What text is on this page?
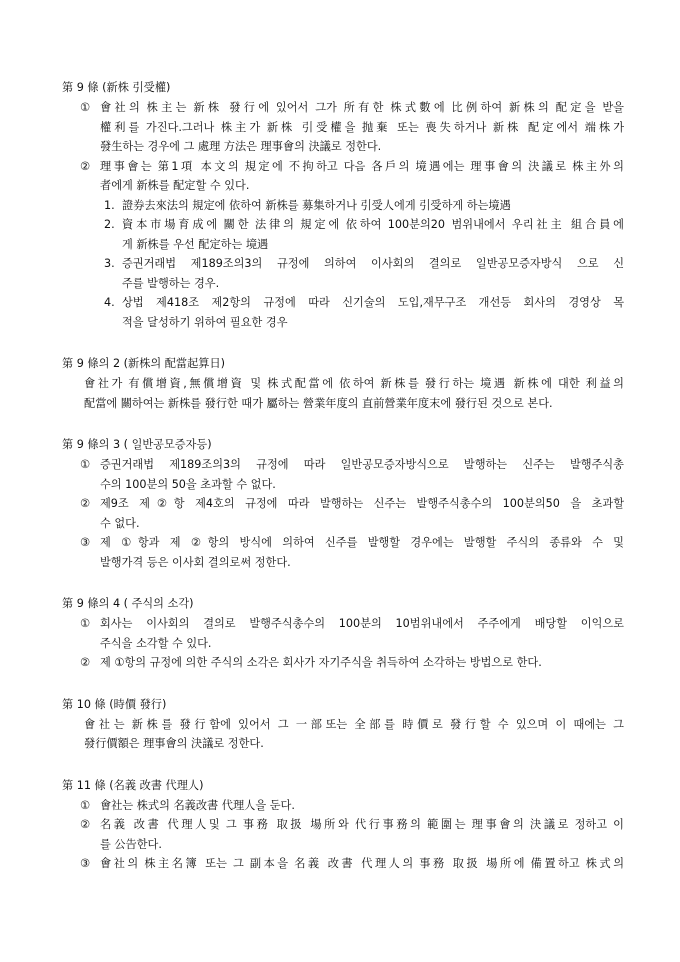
第 9 條 (新株 引受權)
① 會社의 株主는 新株 發行에 있어서 그가 所有한 株式數에 比例하여 新株의 配定을 받을
權利를 가진다.그러나 株主가 新株 引受權을 抛棄 또는 喪失하거나 新株 配定에서 端株가
發生하는 경우에 그 處理 方法은 理事會의 決議로 정한다.
② 理事會는 第1項 本文의 規定에 不拘하고 다음 各戶의 境遇에는 理事會의 決議로 株主外의
者에게 新株를 配定할 수 있다.
1. 證券去來法의 規定에 依하여 新株를 募集하거나 引受人에게 引受하게 하는境遇
2. 資本市場育成에 關한 法律의 規定에 依하여 100분의20 범위내에서 우리社主 組合員에
게 新株를 우선 配定하는 境遇
3. 증권거래법 제189조의3의 규정에 의하여 이사회의 결의로 일반공모증자방식 으로 신
주를 발행하는 경우.
4. 상법 제418조 제2항의 규정에 따라 신기술의 도입,재무구조 개선등 회사의 경영상 목
적을 달성하기 위하여 필요한 경우
第 9 條의 2 (新株의 配當起算日)
會社가 有償增資,無償增資 및 株式配當에 依하여 新株를 發行하는 境遇 新株에 대한 利益의
配當에 關하여는 新株를 發行한 때가 屬하는 營業年度의 直前營業年度末에 發行된 것으로 본다.
第 9 條의 3 ( 일반공모증자등)
① 증권거래법 제189조의3의 규정에 따라 일반공모증자방식으로 발행하는 신주는 발행주식총
수의 100분의 50을 초과할 수 없다.
② 제9조 제②항 제4호의 규정에 따라 발행하는 신주는 발행주식총수의 100분의50 을 초과할
수 없다.
③ 제 ①항과 제 ②항의 방식에 의하여 신주를 발행할 경우에는 발행할 주식의 종류와 수 및
발행가격 등은 이사회 결의로써 정한다.
第 9 條의 4 ( 주식의 소각)
① 회사는 이사회의 결의로 발행주식총수의 100분의 10범위내에서 주주에게 배당할 이익으로
주식을 소각할 수 있다.
② 제 ①항의 규정에 의한 주식의 소각은 회사가 자기주식을 취득하여 소각하는 방법으로 한다.
第 10 條 (時價 發行)
會社는 新株를 發行함에 있어서 그 一部또는 全部를 時價로 發行할 수 있으며 이 때에는 그
發行價額은 理事會의 決議로 정한다.
第 11 條 (名義 改書 代理人)
① 會社는 株式의 名義改書 代理人을 둔다.
② 名義 改書 代理人및 그 事務 取扱 場所와 代行事務의 範圍는 理事會의 決議로 정하고 이
를 公告한다.
③ 會社의 株主名簿 또는 그 副本을 名義 改書 代理人의 事務 取扱 場所에 備置하고 株式의
